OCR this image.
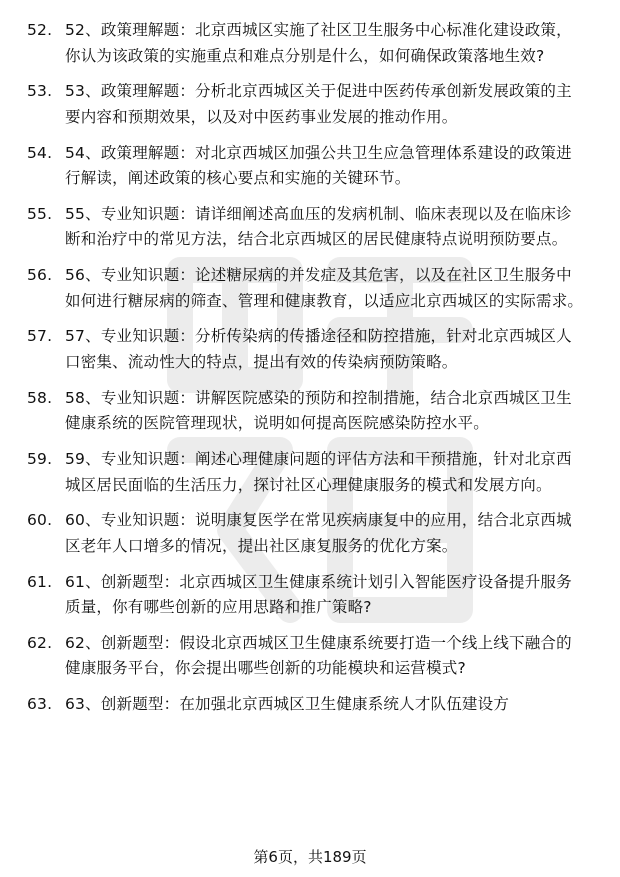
52. 52、政策理解题：北京西城区实施了社区卫生服务中心标准化建设政策，你认为该政策的实施重点和难点分别是什么，如何确保政策落地生效?
53. 53、政策理解题：分析北京西城区关于促进中医药传承创新发展政策的主要内容和预期效果，以及对中医药事业发展的推动作用。
54. 54、政策理解题：对北京西城区加强公共卫生应急管理体系建设的政策进行解读，阐述政策的核心要点和实施的关键环节。
55. 55、专业知识题：请详细阐述高血压的发病机制、临床表现以及在临床诊断和治疗中的常见方法，结合北京西城区的居民健康特点说明预防要点。
56. 56、专业知识题：论述糖尿病的并发症及其危害，以及在社区卫生服务中如何进行糖尿病的筛查、管理和健康教育，以适应北京西城区的实际需求。
57. 57、专业知识题：分析传染病的传播途径和防控措施，针对北京西城区人口密集、流动性大的特点，提出有效的传染病预防策略。
58. 58、专业知识题：讲解医院感染的预防和控制措施，结合北京西城区卫生健康系统的医院管理现状，说明如何提高医院感染防控水平。
59. 59、专业知识题：阐述心理健康问题的评估方法和干预措施，针对北京西城区居民面临的生活压力，探讨社区心理健康服务的模式和发展方向。
60. 60、专业知识题：说明康复医学在常见疾病康复中的应用，结合北京西城区老年人口增多的情况，提出社区康复服务的优化方案。
61. 61、创新题型：北京西城区卫生健康系统计划引入智能医疗设备提升服务质量，你有哪些创新的应用思路和推广策略?
62. 62、创新题型：假设北京西城区卫生健康系统要打造一个线上线下融合的健康服务平台，你会提出哪些创新的功能模块和运营模式?
63. 63、创新题型：在加强北京西城区卫生健康系统人才队伍建设方
第6页，共189页
